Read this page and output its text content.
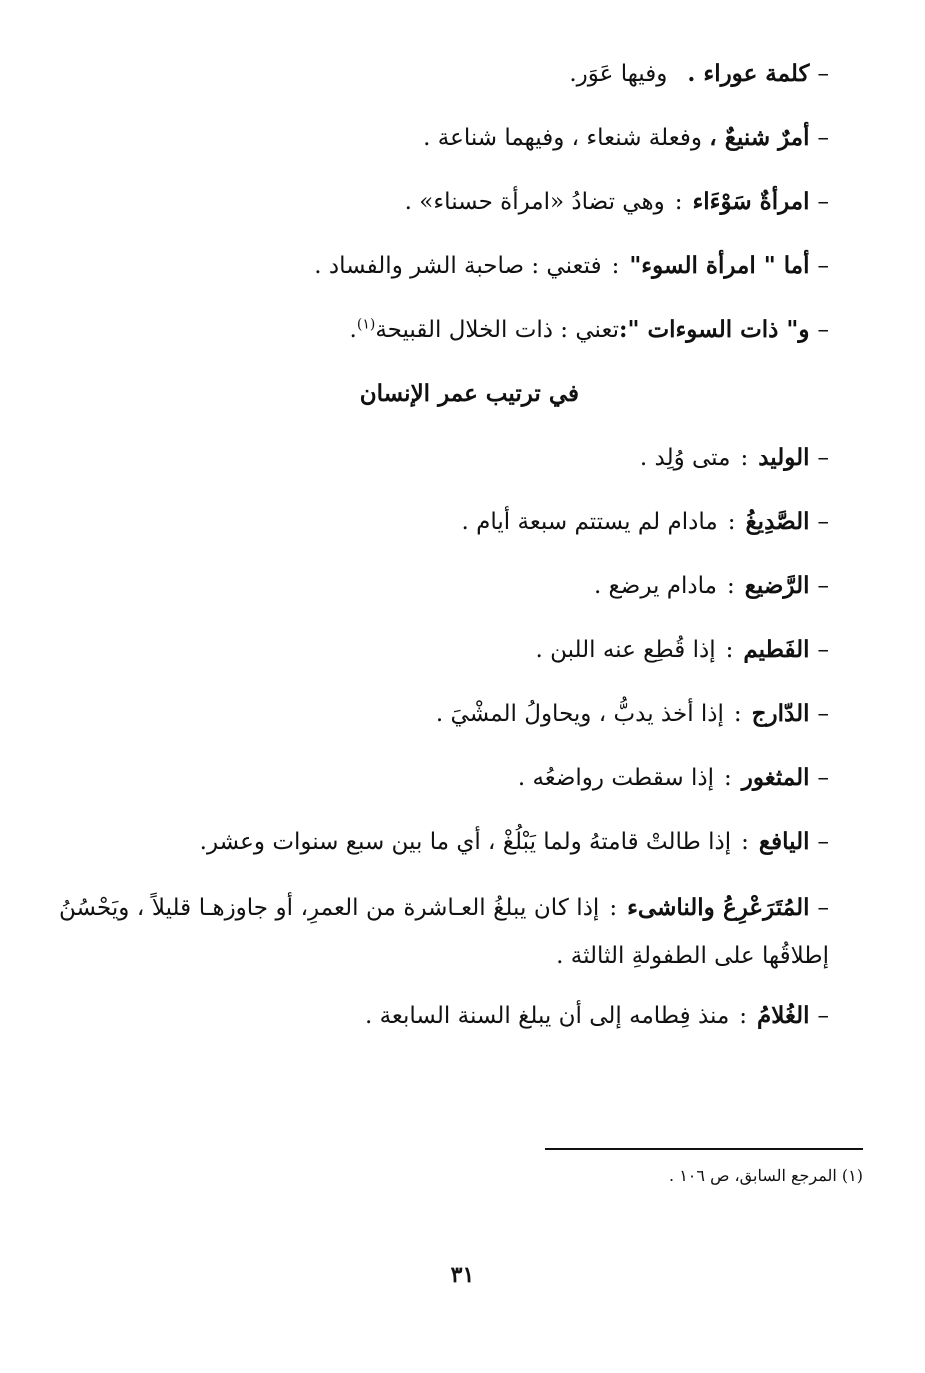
–كلمة عوراء .وفيها عَوَر.

–أمرٌ شنيعٌ ، وفعلة شنعاء ، وفيهما شناعة .

–امرأةٌ سَوْءَاء:وهي تضادُ «امرأة حسناء» .

–أما " امرأة السوء":فتعني : صاحبة الشر والفساد .

–و" ذات السوءات ":تعني : ذات الخلال القبيحة$^{(١)}$.

في ترتيب عمر الإنسان

–الوليد:متى وُلِد .

–الصَّدِيغُ:مادام لم يستتم سبعة أيام .

–الرَّضيع:مادام يرضع .

–الفَطيم:إذا قُطِع عنه اللبن .

–الدّارج:إذا أخذ يدبُّ ، ويحاولُ المشْيَ .

–المثغور:إذا سقطت رواضعُه .

–اليافع:إذا طالتْ قامتهُ ولما يَبْلُغْ ، أي ما بين سبع سنوات وعشر.

–المُتَرَعْرِعُ والناشىء:إذا كان يبلغُ العـاشرة من العمرِ، أو جاوزهـا قليلاً ، ويَحْسُنُ إطلاقُها على الطفولةِ الثالثة .

–الغُلامُ:منذ فِطامه إلى أن يبلغ السنة السابعة .

(١) المرجع السابق، ص ١٠٦ .
٣١
